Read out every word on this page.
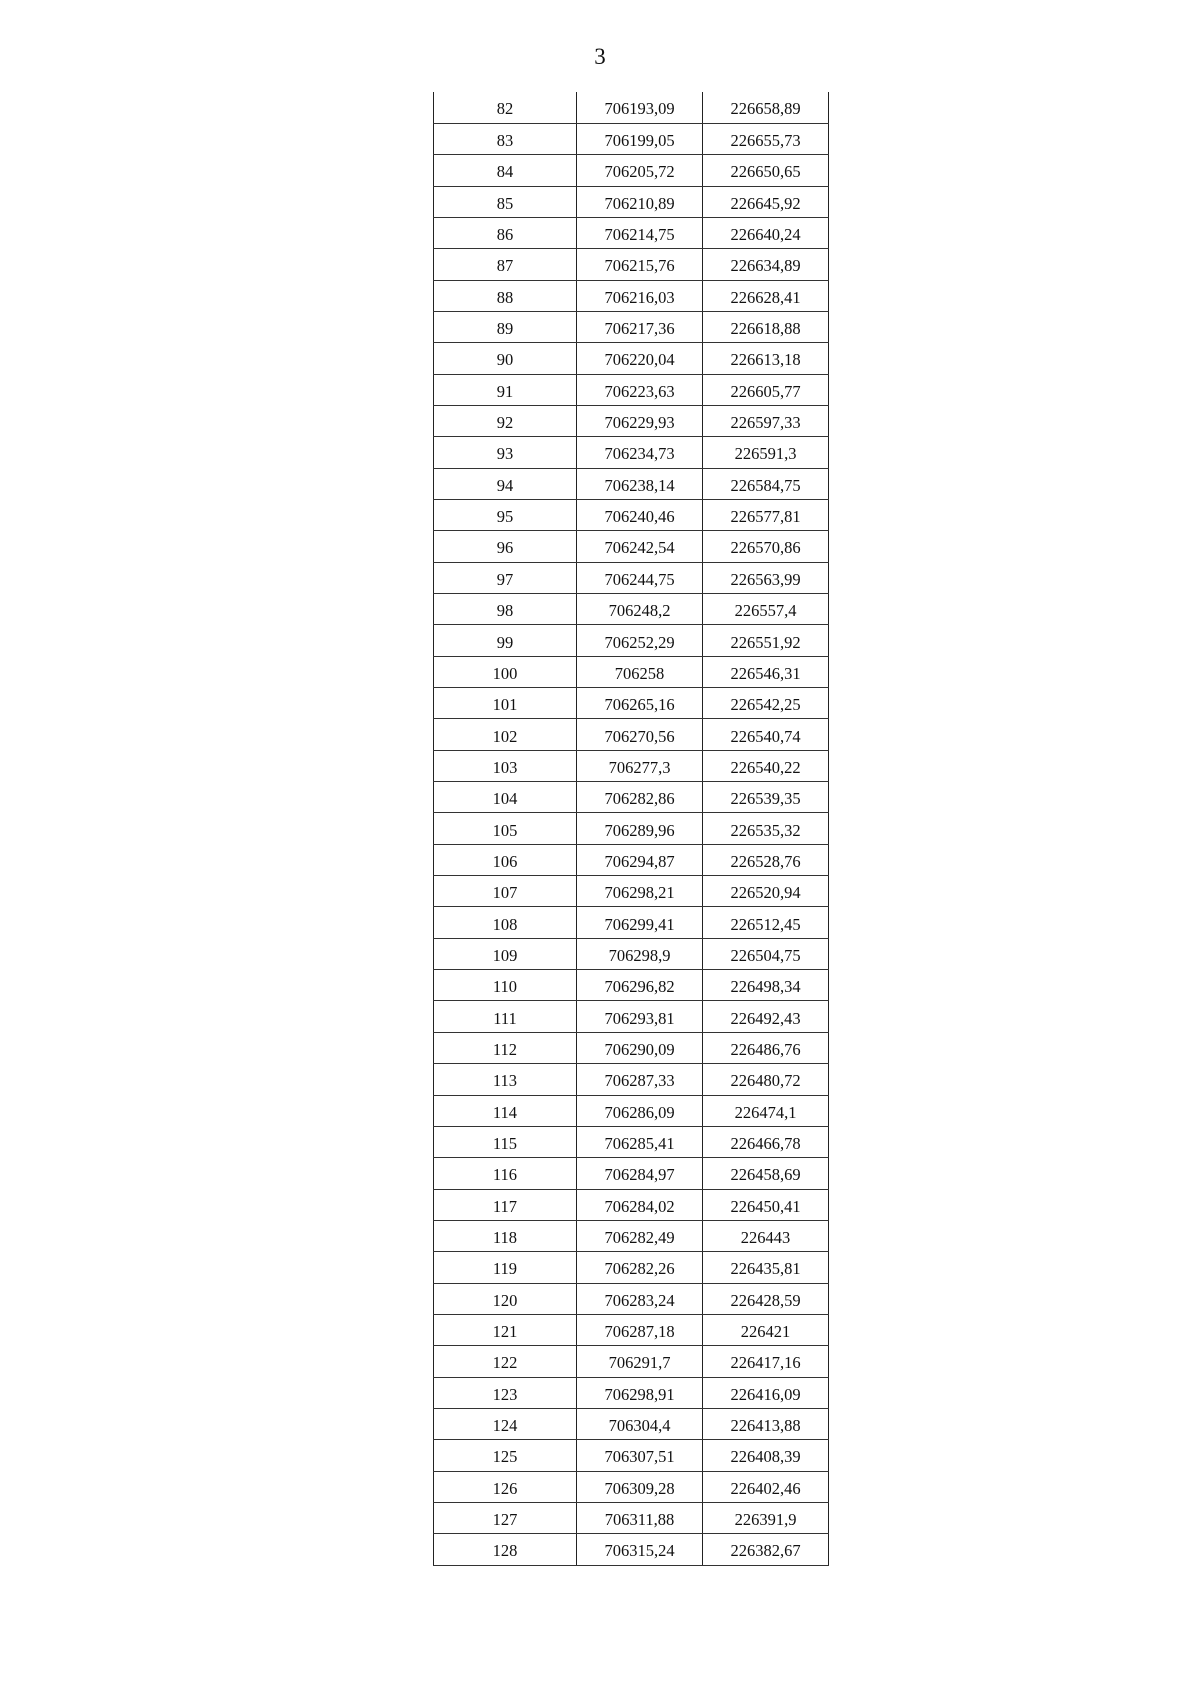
3
82	706193,09	226658,89
83	706199,05	226655,73
84	706205,72	226650,65
85	706210,89	226645,92
86	706214,75	226640,24
87	706215,76	226634,89
88	706216,03	226628,41
89	706217,36	226618,88
90	706220,04	226613,18
91	706223,63	226605,77
92	706229,93	226597,33
93	706234,73	226591,3
94	706238,14	226584,75
95	706240,46	226577,81
96	706242,54	226570,86
97	706244,75	226563,99
98	706248,2	226557,4
99	706252,29	226551,92
100	706258	226546,31
101	706265,16	226542,25
102	706270,56	226540,74
103	706277,3	226540,22
104	706282,86	226539,35
105	706289,96	226535,32
106	706294,87	226528,76
107	706298,21	226520,94
108	706299,41	226512,45
109	706298,9	226504,75
110	706296,82	226498,34
111	706293,81	226492,43
112	706290,09	226486,76
113	706287,33	226480,72
114	706286,09	226474,1
115	706285,41	226466,78
116	706284,97	226458,69
117	706284,02	226450,41
118	706282,49	226443
119	706282,26	226435,81
120	706283,24	226428,59
121	706287,18	226421
122	706291,7	226417,16
123	706298,91	226416,09
124	706304,4	226413,88
125	706307,51	226408,39
126	706309,28	226402,46
127	706311,88	226391,9
128	706315,24	226382,67
